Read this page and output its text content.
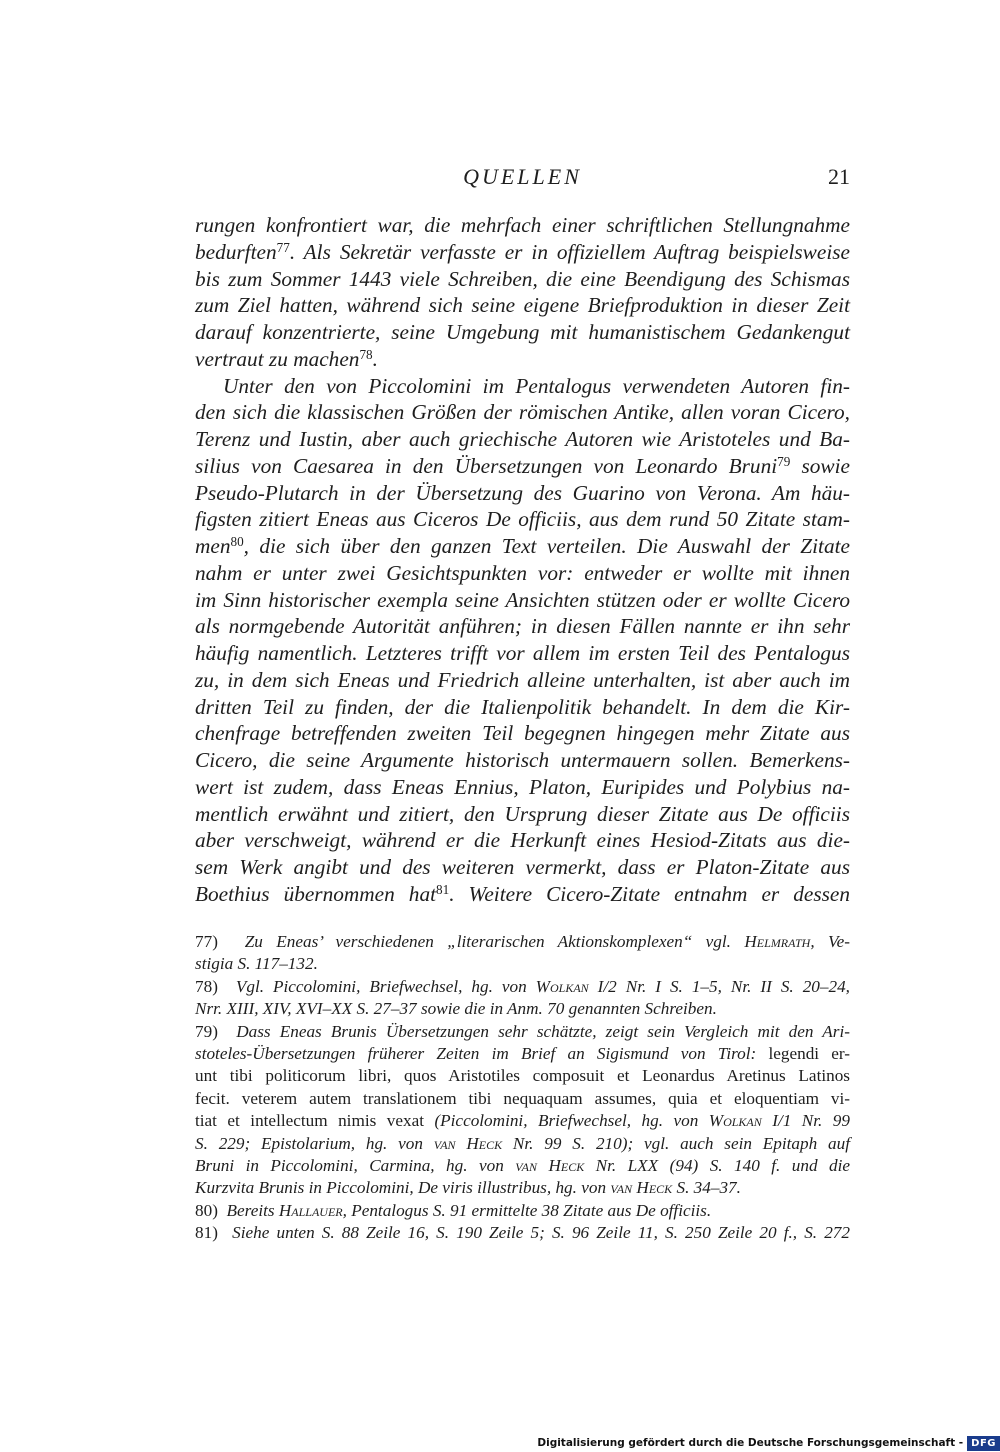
QUELLEN	21
rungen konfrontiert war, die mehrfach einer schriftlichen Stellungnahme
bedurften$^{77}$. Als Sekretär verfasste er in offiziellem Auftrag beispielsweise
bis zum Sommer 1443 viele Schreiben, die eine Beendigung des Schismas
zum Ziel hatten, während sich seine eigene Briefproduktion in dieser Zeit
darauf konzentrierte, seine Umgebung mit humanistischem Gedankengut
vertraut zu machen$^{78}$.
Unter den von Piccolomini im Pentalogus verwendeten Autoren fin-
den sich die klassischen Größen der römischen Antike, allen voran Cicero,
Terenz und Iustin, aber auch griechische Autoren wie Aristoteles und Ba-
silius von Caesarea in den Übersetzungen von Leonardo Bruni$^{79}$ sowie
Pseudo-Plutarch in der Übersetzung des Guarino von Verona. Am häu-
figsten zitiert Eneas aus Ciceros De officiis, aus dem rund 50 Zitate stam-
men$^{80}$, die sich über den ganzen Text verteilen. Die Auswahl der Zitate
nahm er unter zwei Gesichtspunkten vor: entweder er wollte mit ihnen
im Sinn historischer exempla seine Ansichten stützen oder er wollte Cicero
als normgebende Autorität anführen; in diesen Fällen nannte er ihn sehr
häufig namentlich. Letzteres trifft vor allem im ersten Teil des Pentalogus
zu, in dem sich Eneas und Friedrich alleine unterhalten, ist aber auch im
dritten Teil zu finden, der die Italienpolitik behandelt. In dem die Kir-
chenfrage betreffenden zweiten Teil begegnen hingegen mehr Zitate aus
Cicero, die seine Argumente historisch untermauern sollen. Bemerkens-
wert ist zudem, dass Eneas Ennius, Platon, Euripides und Polybius na-
mentlich erwähnt und zitiert, den Ursprung dieser Zitate aus De officiis
aber verschweigt, während er die Herkunft eines Hesiod-Zitats aus die-
sem Werk angibt und des weiteren vermerkt, dass er Platon-Zitate aus
Boethius übernommen hat$^{81}$. Weitere Cicero-Zitate entnahm er dessen
77)  Zu Eneas’ verschiedenen „literarischen Aktionskomplexen“ vgl. Helmrath, Ve-
stigia S. 117–132.
78)  Vgl. Piccolomini, Briefwechsel, hg. von Wolkan I/2 Nr. I S. 1–5, Nr. II S. 20–24,
Nrr. XIII, XIV, XVI–XX S. 27–37 sowie die in Anm. 70 genannten Schreiben.
79)  Dass Eneas Brunis Übersetzungen sehr schätzte, zeigt sein Vergleich mit den Ari-
stoteles-Übersetzungen früherer Zeiten im Brief an Sigismund von Tirol: legendi er-
unt tibi politicorum libri, quos Aristotiles composuit et Leonardus Aretinus Latinos
fecit. veterem autem translationem tibi nequaquam assumes, quia et eloquentiam vi-
tiat et intellectum nimis vexat (Piccolomini, Briefwechsel, hg. von Wolkan I/1 Nr. 99
S. 229; Epistolarium, hg. von van Heck Nr. 99 S. 210); vgl. auch sein Epitaph auf
Bruni in Piccolomini, Carmina, hg. von van Heck Nr. LXX (94) S. 140 f. und die
Kurzvita Brunis in Piccolomini, De viris illustribus, hg. von van Heck S. 34–37.
80)  Bereits Hallauer, Pentalogus S. 91 ermittelte 38 Zitate aus De officiis.
81)  Siehe unten S. 88 Zeile 16, S. 190 Zeile 5; S. 96 Zeile 11, S. 250 Zeile 20 f., S. 272
Digitalisierung gefördert durch die Deutsche Forschungsgemeinschaft - DFG
